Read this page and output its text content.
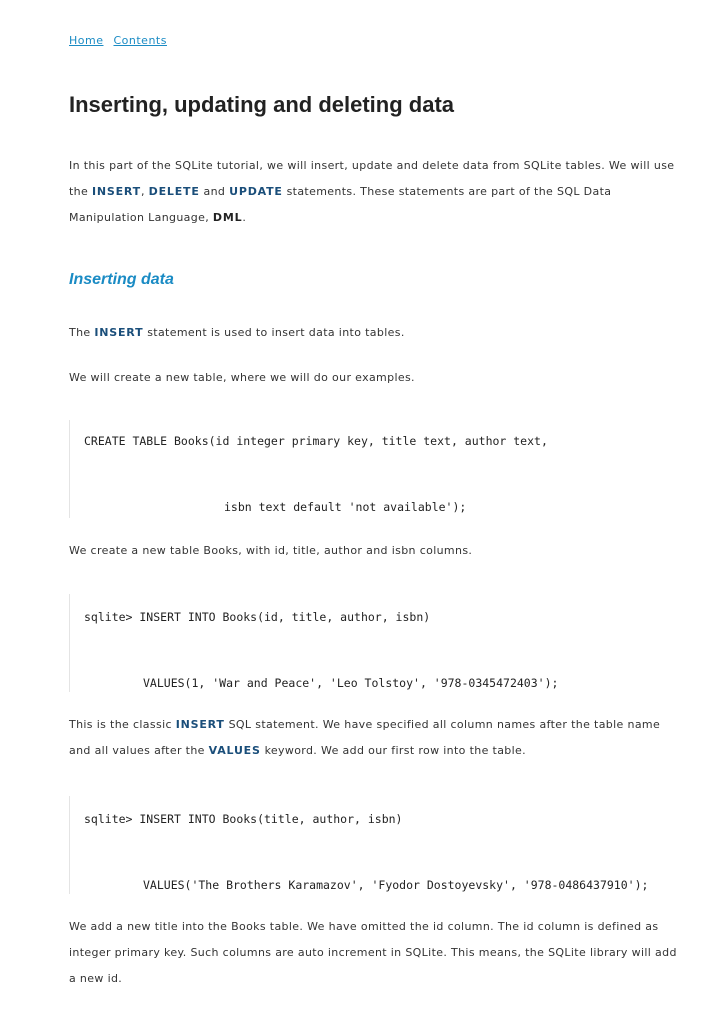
Home Contents
Inserting, updating and deleting data
In this part of the SQLite tutorial, we will insert, update and delete data from SQLite tables. We will use
the INSERT, DELETE and UPDATE statements. These statements are part of the SQL Data
Manipulation Language, DML.
Inserting data
The INSERT statement is used to insert data into tables.
We will create a new table, where we will do our examples.
CREATE TABLE Books(id integer primary key, title text, author text,
isbn text default 'not available');
We create a new table Books, with id, title, author and isbn columns.
sqlite> INSERT INTO Books(id, title, author, isbn)
VALUES(1, 'War and Peace', 'Leo Tolstoy', '978-0345472403');
This is the classic INSERT SQL statement. We have specified all column names after the table name
and all values after the VALUES keyword. We add our first row into the table.
sqlite> INSERT INTO Books(title, author, isbn)
VALUES('The Brothers Karamazov', 'Fyodor Dostoyevsky', '978-0486437910');
We add a new title into the Books table. We have omitted the id column. The id column is defined as
integer primary key. Such columns are auto increment in SQLite. This means, the SQLite library will add
a new id.
